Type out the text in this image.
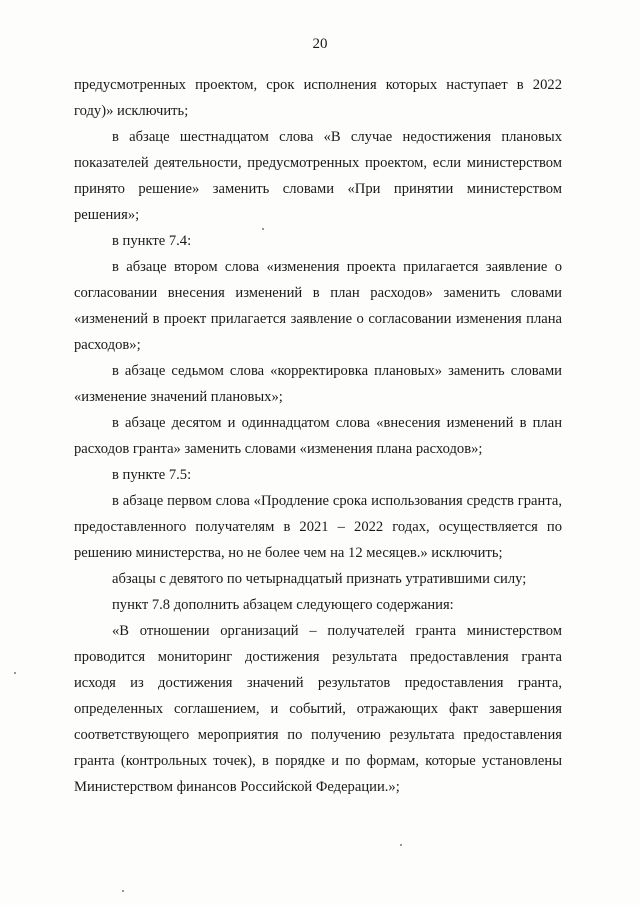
20

предусмотренных проектом, срок исполнения которых наступает в 2022 году)» исключить;

в абзаце шестнадцатом слова «В случае недостижения плановых показателей деятельности, предусмотренных проектом, если министерством принято решение» заменить словами «При принятии министерством решения»;

в пункте 7.4:

в абзаце втором слова «изменения проекта прилагается заявление о согласовании внесения изменений в план расходов» заменить словами «изменений в проект прилагается заявление о согласовании изменения плана расходов»;

в абзаце седьмом слова «корректировка плановых» заменить словами «изменение значений плановых»;

в абзаце десятом и одиннадцатом слова «внесения изменений в план расходов гранта» заменить словами «изменения плана расходов»;

в пункте 7.5:

в абзаце первом слова «Продление срока использования средств гранта, предоставленного получателям в 2021 – 2022 годах, осуществляется по решению министерства, но не более чем на 12 месяцев.» исключить;

абзацы с девятого по четырнадцатый признать утратившими силу;

пункт 7.8 дополнить абзацем следующего содержания:

«В отношении организаций – получателей гранта министерством проводится мониторинг достижения результата предоставления гранта исходя из достижения значений результатов предоставления гранта, определенных соглашением, и событий, отражающих факт завершения соответствующего мероприятия по получению результата предоставления гранта (контрольных точек), в порядке и по формам, которые установлены Министерством финансов Российской Федерации.»;
